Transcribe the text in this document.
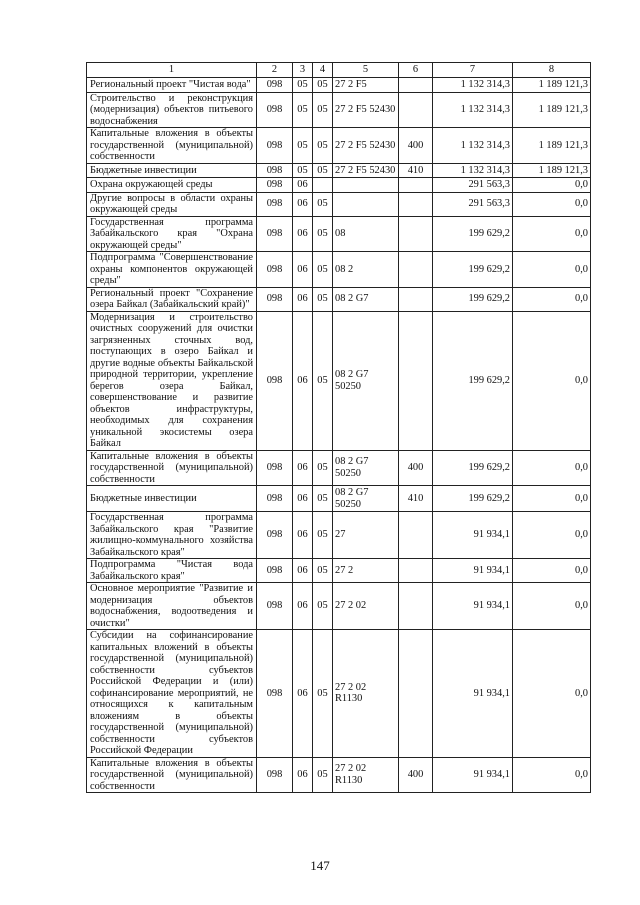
1	2	3	4	5	6	7	8
Региональный проект "Чистая вода"	098	05	05	27 2 F5		1 132 314,3	1 189 121,3
Строительство и реконструкция (модернизация) объектов питьевого водоснабжения	098	05	05	27 2 F5 52430		1 132 314,3	1 189 121,3
Капитальные вложения в объекты государственной (муниципальной) собственности	098	05	05	27 2 F5 52430	400	1 132 314,3	1 189 121,3
Бюджетные инвестиции	098	05	05	27 2 F5 52430	410	1 132 314,3	1 189 121,3
Охрана окружающей среды	098	06				291 563,3	0,0
Другие вопросы в области охраны окружающей среды	098	06	05			291 563,3	0,0
Государственная программа Забайкальского края "Охрана окружающей среды"	098	06	05	08		199 629,2	0,0
Подпрограмма "Совершенствование охраны компонентов окружающей среды"	098	06	05	08 2		199 629,2	0,0
Региональный проект "Сохранение озера Байкал (Забайкальский край)"	098	06	05	08 2 G7		199 629,2	0,0
Модернизация и строительство очистных сооружений для очистки загрязненных сточных вод, поступающих в озеро Байкал и другие водные объекты Байкальской природной территории, укрепление берегов озера Байкал, совершенствование и развитие объектов инфраструктуры, необходимых для сохранения уникальной экосистемы озера Байкал	098	06	05	08 2 G7 50250		199 629,2	0,0
Капитальные вложения в объекты государственной (муниципальной) собственности	098	06	05	08 2 G7 50250	400	199 629,2	0,0
Бюджетные инвестиции	098	06	05	08 2 G7 50250	410	199 629,2	0,0
Государственная программа Забайкальского края "Развитие жилищно-коммунального хозяйства Забайкальского края"	098	06	05	27		91 934,1	0,0
Подпрограмма "Чистая вода Забайкальского края"	098	06	05	27 2		91 934,1	0,0
Основное мероприятие "Развитие и модернизация объектов водоснабжения, водоотведения и очистки"	098	06	05	27 2 02		91 934,1	0,0
Субсидии на софинансирование капитальных вложений в объекты государственной (муниципальной) собственности субъектов Российской Федерации и (или) софинансирование мероприятий, не относящихся к капитальным вложениям в объекты государственной (муниципальной) собственности субъектов Российской Федерации	098	06	05	27 2 02 R1130		91 934,1	0,0
Капитальные вложения в объекты государственной (муниципальной) собственности	098	06	05	27 2 02 R1130	400	91 934,1	0,0
147
